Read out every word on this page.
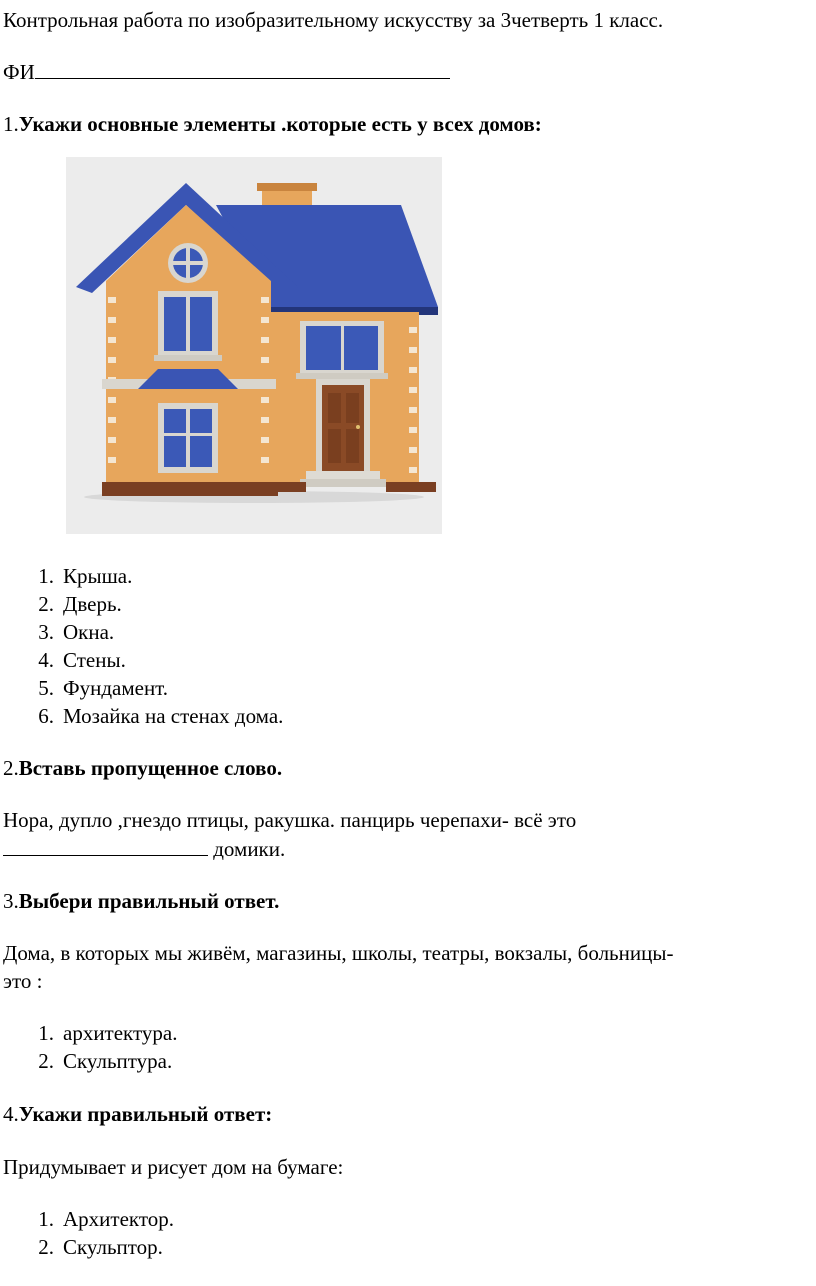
Контрольная работа по изобразительному искусству за 3четверть 1 класс.
ФИ
1.Укажи основные элементы .которые есть у всех домов:
1. Крыша.
2. Дверь.
3. Окна.
4. Стены.
5. Фундамент.
6. Мозайка на стенах дома.
2.Вставь пропущенное слово.
Нора, дупло ,гнездо птицы, ракушка. панцирь черепахи- всё это
домики.
3.Выбери правильный ответ.
Дома, в которых мы живём, магазины, школы, театры, вокзалы, больницы-
это :
1. архитектура.
2. Скульптура.
4.Укажи правильный ответ:
Придумывает и рисует дом на бумаге:
1. Архитектор.
2. Скульптор.
